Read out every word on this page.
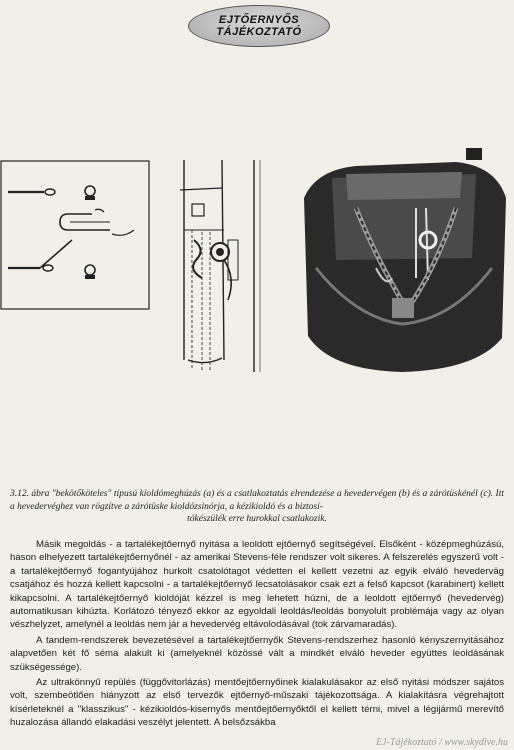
EJTŐERNYŐS
TÁJÉKOZTATÓ
3.12. ábra "bekötőköteles" típusú kioldómeghúzás (a) és a csatlakoztatás elrendezése a hevedervégen (b) és a zárótüskénél (c). Itt a hevedervéghez van rögzítve a zárótüske kioldózsinórja, a kézikioldó és a biztosí-
tókészülék erre hurokkal csatlakozik.

Másik megoldás - a tartalékejtőernyő nyitása a leoldott ejtőernyő segítségével. Elsőként - középmeghúzású, hason elhelyezett tartalékejtőernyőnél - az amerikai Stevens-féle rendszer volt sikeres. A felszerelés egyszerű volt - a tartalékejtőernyő fogantyújához hurkolt csatolótagot védetten el kellett vezetni az egyik elváló hevederväg csatjához és hozzá kellett kapcsolni - a tartalékejtőernyő lecsatolásakor csak ezt a felső kapcsot (karabinert) kellett kikapcsolni. A tartalékejtőernyő kioldóját kézzel is meg lehetett húzni, de a leoldott ejtőernyő (hevedervég) automatikusan kihúzta. Korlátozó tényező ekkor az egyoldali leoldás/leoldás bonyolult problémája vagy az olyan vészhelyzet, amelynél a leoldás nem jár a hevedervég eltávolodásával (tok zárvamaradás).

A tandem-rendszerek bevezetésével a tartalékejtőernyők Stevens-rendszerhez hasonló kényszernyitásához alapvetően két fő séma alakult ki (amelyeknél közössé vált a mindkét elváló heveder együttes leoldásának szükségessége).

Az ultrakönnyű repülés (függővitorlázás) mentőejtőernyőinek kialakulásakor az első nyitási módszer sajátos volt, szembeötlően hiányzott az első tervezők ejtőernyő-műszaki tájékozottsága. A kialakításra végrehajtott kísérleteknél a "klasszikus" - kézikioldós-kisernyős mentőejtőernyőktől el kellett térni, mivel a légijármű merevítő huzalozása állandó elakadási veszélyt jelentett. A belsőzsákba

EJ-Tájékoztató / www.skydive.hu
